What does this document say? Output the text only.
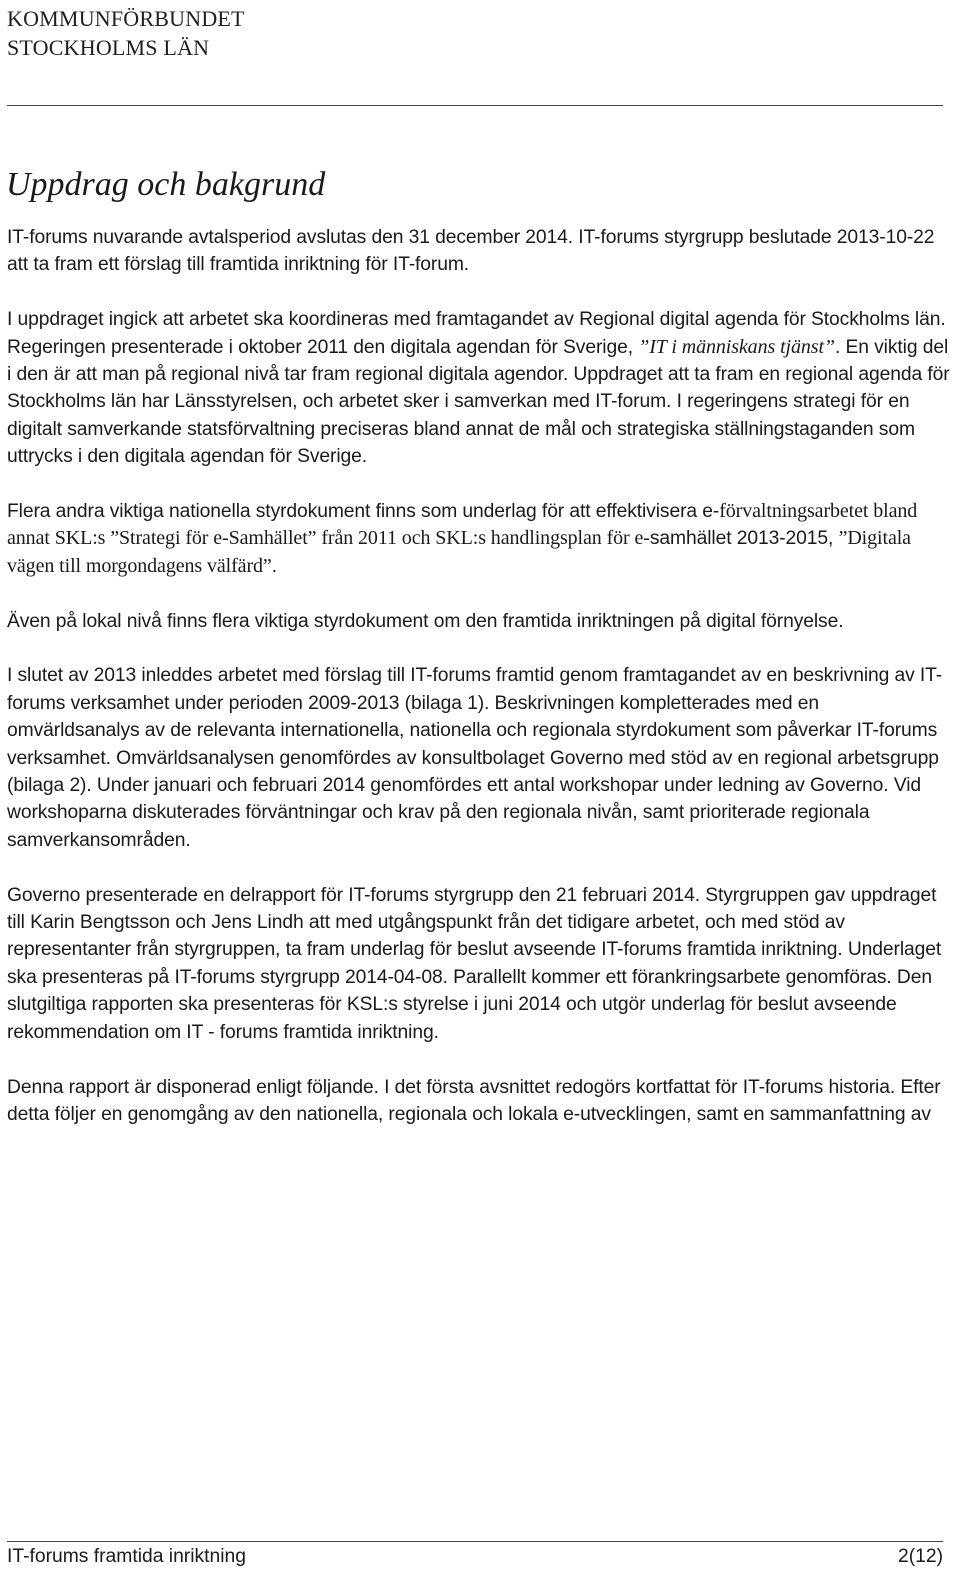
KOMMUNFÖRBUNDET
STOCKHOLMS LÄN
Uppdrag och bakgrund

IT-forums nuvarande avtalsperiod avslutas den 31 december 2014. IT-forums styrgrupp beslutade 2013-10-22 att ta fram ett förslag till framtida inriktning för IT-forum.

I uppdraget ingick att arbetet ska koordineras med framtagandet av Regional digital agenda för Stockholms län. Regeringen presenterade i oktober 2011 den digitala agendan för Sverige, ”IT i människans tjänst”. En viktig del i den är att man på regional nivå tar fram regional digitala agendor. Uppdraget att ta fram en regional agenda för Stockholms län har Länsstyrelsen, och arbetet sker i samverkan med IT-forum. I regeringens strategi för en digitalt samverkande statsförvaltning preciseras bland annat de mål och strategiska ställningstaganden som uttrycks i den digitala agendan för Sverige.

Flera andra viktiga nationella styrdokument finns som underlag för att effektivisera e-förvaltningsarbetet bland annat SKL:s ”Strategi för e-Samhället” från 2011 och SKL:s handlingsplan för e-samhället 2013-2015, ”Digitala vägen till morgondagens välfärd”.

Även på lokal nivå finns flera viktiga styrdokument om den framtida inriktningen på digital förnyelse.

I slutet av 2013 inleddes arbetet med förslag till IT-forums framtid genom framtagandet av en beskrivning av IT-forums verksamhet under perioden 2009-2013 (bilaga 1). Beskrivningen kompletterades med en omvärldsanalys av de relevanta internationella, nationella och regionala styrdokument som påverkar IT-forums verksamhet. Omvärldsanalysen genomfördes av konsultbolaget Governo med stöd av en regional arbetsgrupp (bilaga 2). Under januari och februari 2014 genomfördes ett antal workshopar under ledning av Governo. Vid workshoparna diskuterades förväntningar och krav på den regionala nivån, samt prioriterade regionala samverkansområden.

Governo presenterade en delrapport för IT-forums styrgrupp den 21 februari 2014. Styrgruppen gav uppdraget till Karin Bengtsson och Jens Lindh att med utgångspunkt från det tidigare arbetet, och med stöd av representanter från styrgruppen, ta fram underlag för beslut avseende IT-forums framtida inriktning. Underlaget ska presenteras på IT-forums styrgrupp 2014-04-08. Parallellt kommer ett förankringsarbete genomföras. Den slutgiltiga rapporten ska presenteras för KSL:s styrelse i juni 2014 och utgör underlag för beslut avseende rekommendation om IT - forums framtida inriktning.

Denna rapport är disponerad enligt följande. I det första avsnittet redogörs kortfattat för IT-forums historia. Efter detta följer en genomgång av den nationella, regionala och lokala e-utvecklingen, samt en sammanfattning av

IT-forums framtida inriktning	2(12)
